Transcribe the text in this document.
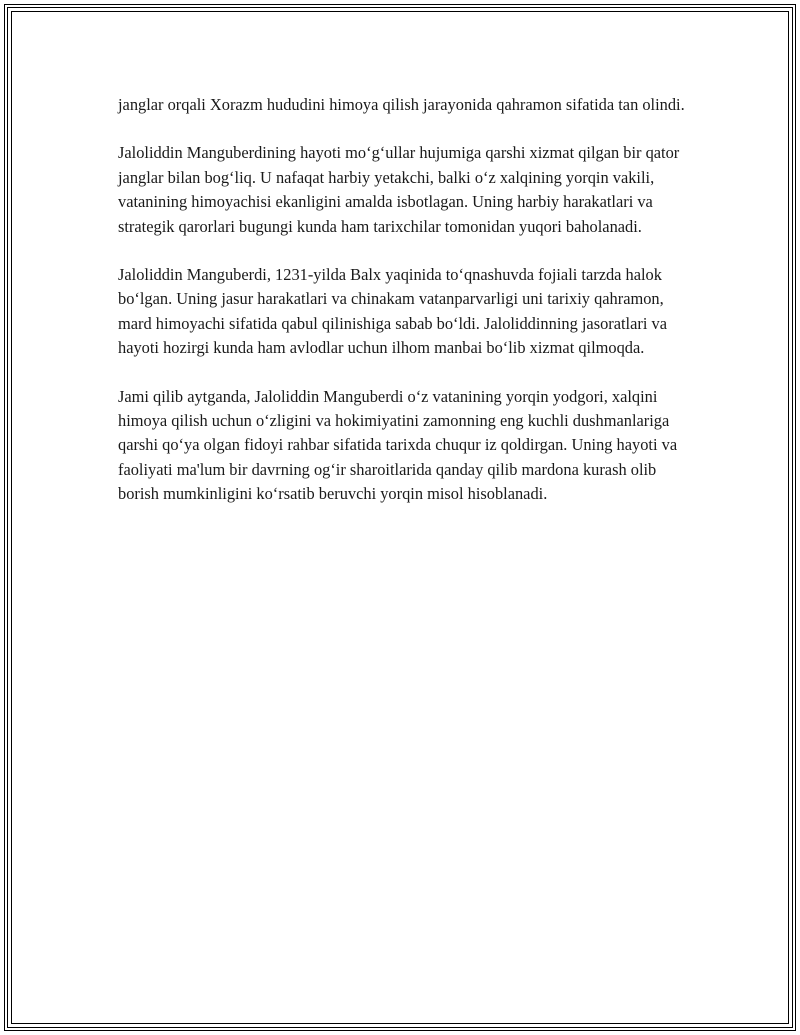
janglar orqali Xorazm hududini himoya qilish jarayonida qahramon sifatida tan olindi.

Jaloliddin Manguberdining hayoti mo‘g‘ullar hujumiga qarshi xizmat qilgan bir qator janglar bilan bog‘liq. U nafaqat harbiy yetakchi, balki o‘z xalqining yorqin vakili, vatanining himoyachisi ekanligini amalda isbotlagan. Uning harbiy harakatlari va strategik qarorlari bugungi kunda ham tarixchilar tomonidan yuqori baholanadi.

Jaloliddin Manguberdi, 1231-yilda Balx yaqinida to‘qnashuvda fojiali tarzda halok bo‘lgan. Uning jasur harakatlari va chinakam vatanparvarligi uni tarixiy qahramon, mard himoyachi sifatida qabul qilinishiga sabab bo‘ldi. Jaloliddinning jasoratlari va hayoti hozirgi kunda ham avlodlar uchun ilhom manbai bo‘lib xizmat qilmoqda.

Jami qilib aytganda, Jaloliddin Manguberdi o‘z vatanining yorqin yodgori, xalqini himoya qilish uchun o‘zligini va hokimiyatini zamonning eng kuchli dushmanlariga qarshi qo‘ya olgan fidoyi rahbar sifatida tarixda chuqur iz qoldirgan. Uning hayoti va faoliyati ma'lum bir davrning og‘ir sharoitlarida qanday qilib mardona kurash olib borish mumkinligini ko‘rsatib beruvchi yorqin misol hisoblanadi.
